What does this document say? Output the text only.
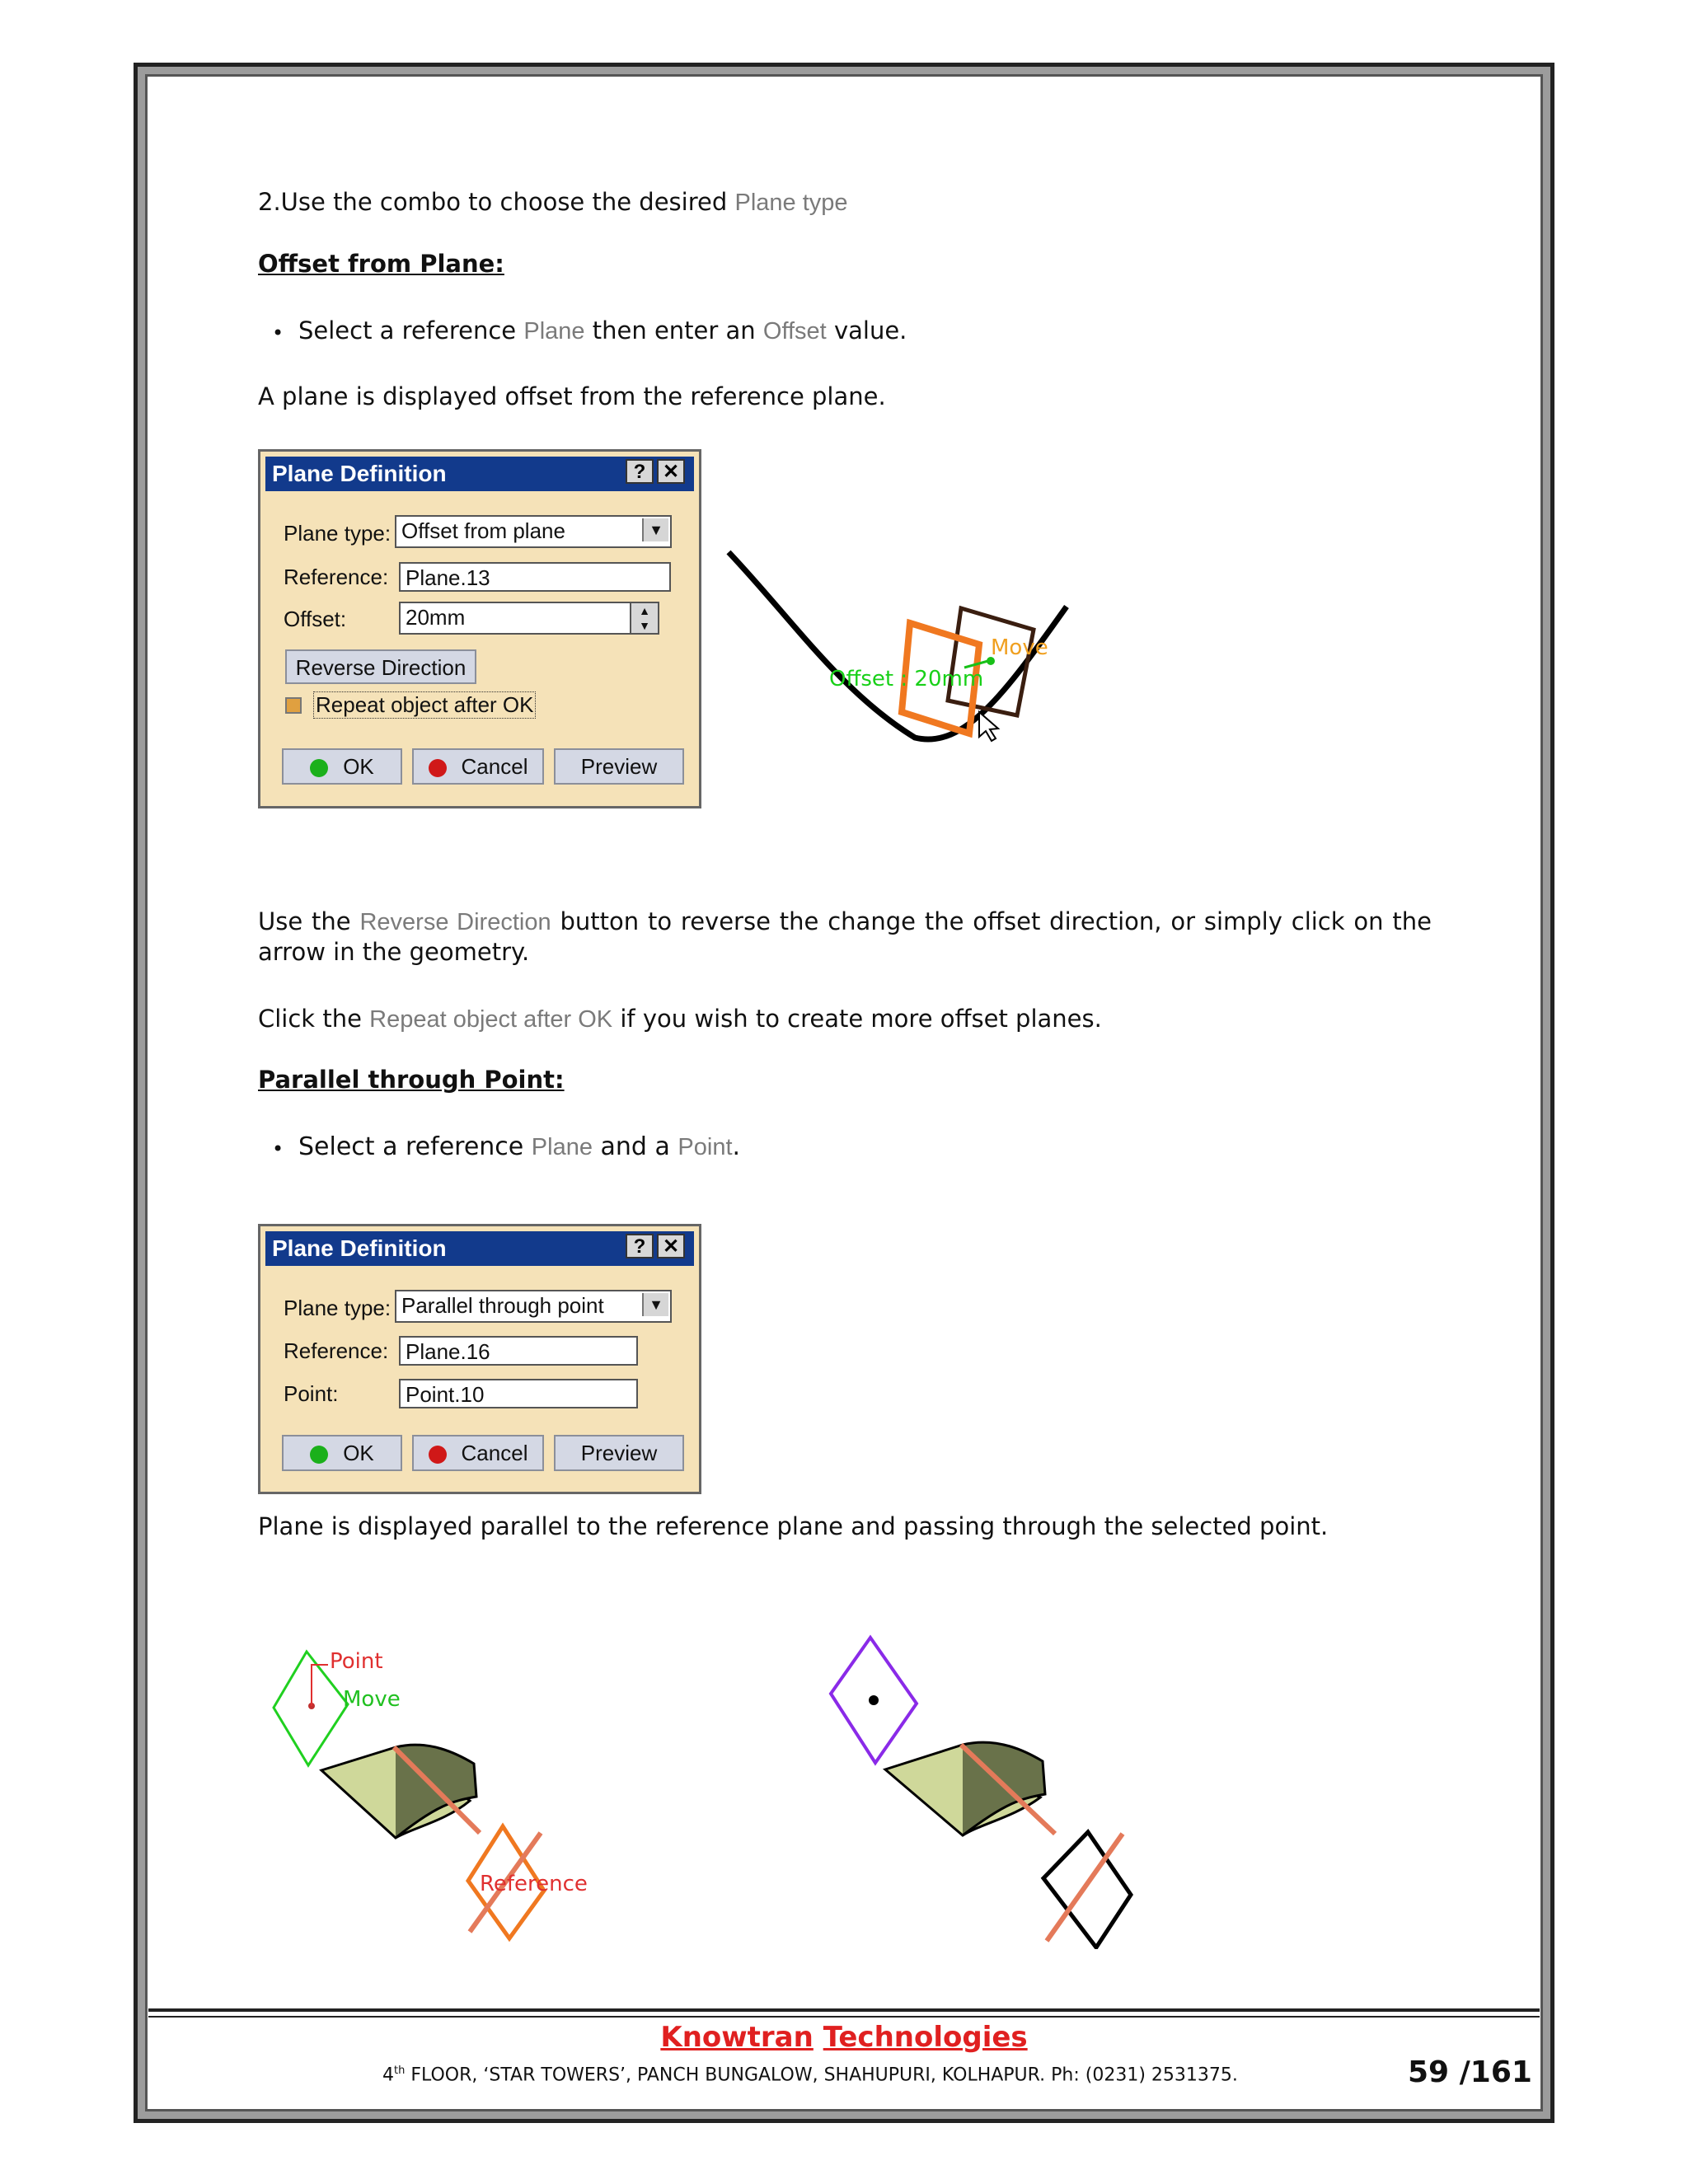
2.Use the combo to choose the desired Plane type
Offset from Plane:
• Select a reference Plane then enter an Offset value.
A plane is displayed offset from the reference plane.
Plane Definition	? ✕
Plane type: Offset from plane	▼
Reference: Plane.13
Offset:	20mm	▲
▼
Reverse Direction
Repeat object after OK
OK	Cancel	Preview
Offset : 20mm
Move
Use the Reverse Direction button to reverse the change the offset direction, or simply click on the arrow in the geometry.
Click the Repeat object after OK if you wish to create more offset planes.
Parallel through Point:
• Select a reference Plane and a Point.
Plane Definition	? ✕
Plane type: Parallel through point	▼
Reference: Plane.16
Point:	Point.10
OK	Cancel	Preview
Plane is displayed parallel to the reference plane and passing through the selected point.
Point
Move
Reference
Knowtran Technologies
4th FLOOR, ‘STAR TOWERS’, PANCH BUNGALOW, SHAHUPURI, KOLHAPUR. Ph: (0231) 2531375.	59 /161
